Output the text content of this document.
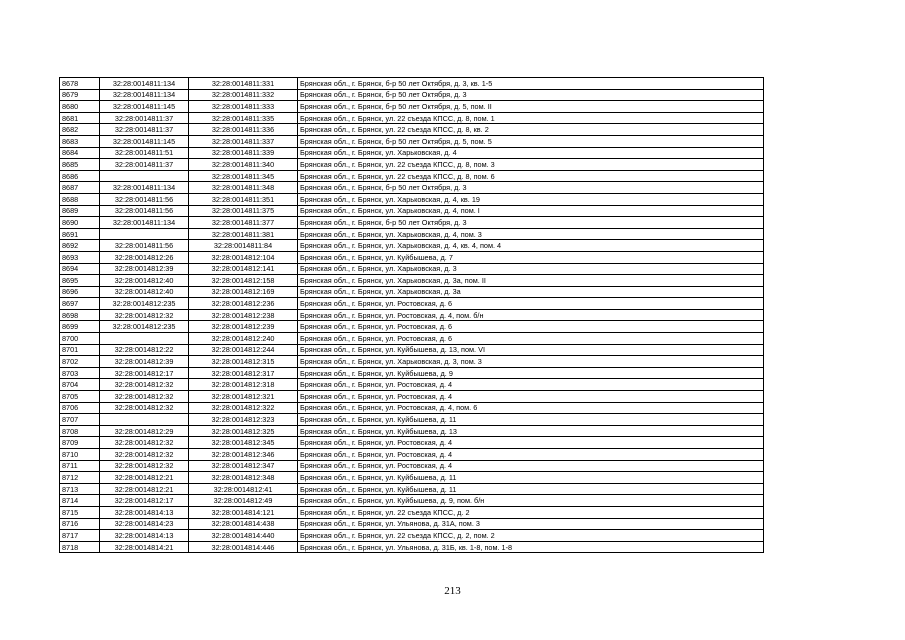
8678	32:28:0014811:134	32:28:0014811:331	Брянская обл., г. Брянск, б-р 50 лет Октября, д. 3, кв. 1-5
8679	32:28:0014811:134	32:28:0014811:332	Брянская обл., г. Брянск, б-р 50 лет Октября, д. 3
8680	32:28:0014811:145	32:28:0014811:333	Брянская обл., г. Брянск, б-р 50 лет Октября, д. 5, пом. II
8681	32:28:0014811:37	32:28:0014811:335	Брянская обл., г. Брянск, ул. 22 съезда КПСС, д. 8, пом. 1
8682	32:28:0014811:37	32:28:0014811:336	Брянская обл., г. Брянск, ул. 22 съезда КПСС, д. 8, кв. 2
8683	32:28:0014811:145	32:28:0014811:337	Брянская обл., г. Брянск, б-р 50 лет Октября, д. 5, пом. 5
8684	32:28:0014811:51	32:28:0014811:339	Брянская обл., г. Брянск, ул. Харьковская, д. 4
8685	32:28:0014811:37	32:28:0014811:340	Брянская обл., г. Брянск, ул. 22 съезда КПСС, д. 8, пом. 3
8686		32:28:0014811:345	Брянская обл., г. Брянск, ул. 22 съезда КПСС, д. 8, пом. 6
8687	32:28:0014811:134	32:28:0014811:348	Брянская обл., г. Брянск, б-р 50 лет Октября, д. 3
8688	32:28:0014811:56	32:28:0014811:351	Брянская обл., г. Брянск, ул. Харьковская, д. 4, кв. 19
8689	32:28:0014811:56	32:28:0014811:375	Брянская обл., г. Брянск, ул. Харьковская, д. 4, пом. I
8690	32:28:0014811:134	32:28:0014811:377	Брянская обл., г. Брянск, б-р 50 лет Октября, д. 3
8691		32:28:0014811:381	Брянская обл., г. Брянск, ул. Харьковская, д. 4, пом. 3
8692	32:28:0014811:56	32:28:0014811:84	Брянская обл., г. Брянск, ул. Харьковская, д. 4, кв. 4, пом. 4
8693	32:28:0014812:26	32:28:0014812:104	Брянская обл., г. Брянск, ул. Куйбышева, д. 7
8694	32:28:0014812:39	32:28:0014812:141	Брянская обл., г. Брянск, ул. Харьковская, д. 3
8695	32:28:0014812:40	32:28:0014812:158	Брянская обл., г. Брянск, ул. Харьковская, д. 3а, пом. II
8696	32:28:0014812:40	32:28:0014812:169	Брянская обл., г. Брянск, ул. Харьковская, д. 3а
8697	32:28:0014812:235	32:28:0014812:236	Брянская обл., г. Брянск, ул. Ростовская, д. 6
8698	32:28:0014812:32	32:28:0014812:238	Брянская обл., г. Брянск, ул. Ростовская, д. 4, пом. б/н
8699	32:28:0014812:235	32:28:0014812:239	Брянская обл., г. Брянск, ул. Ростовская, д. 6
8700		32:28:0014812:240	Брянская обл., г. Брянск, ул. Ростовская, д. 6
8701	32:28:0014812:22	32:28:0014812:244	Брянская обл., г. Брянск, ул. Куйбышева, д. 13, пом. VI
8702	32:28:0014812:39	32:28:0014812:315	Брянская обл., г. Брянск, ул. Харьковская, д. 3, пом. 3
8703	32:28:0014812:17	32:28:0014812:317	Брянская обл., г. Брянск, ул. Куйбышева, д. 9
8704	32:28:0014812:32	32:28:0014812:318	Брянская обл., г. Брянск, ул. Ростовская, д. 4
8705	32:28:0014812:32	32:28:0014812:321	Брянская обл., г. Брянск, ул. Ростовская, д. 4
8706	32:28:0014812:32	32:28:0014812:322	Брянская обл., г. Брянск, ул. Ростовская, д. 4, пом. 6
8707		32:28:0014812:323	Брянская обл., г. Брянск, ул. Куйбышева, д. 11
8708	32:28:0014812:29	32:28:0014812:325	Брянская обл., г. Брянск, ул. Куйбышева, д. 13
8709	32:28:0014812:32	32:28:0014812:345	Брянская обл., г. Брянск, ул. Ростовская, д. 4
8710	32:28:0014812:32	32:28:0014812:346	Брянская обл., г. Брянск, ул. Ростовская, д. 4
8711	32:28:0014812:32	32:28:0014812:347	Брянская обл., г. Брянск, ул. Ростовская, д. 4
8712	32:28:0014812:21	32:28:0014812:348	Брянская обл., г. Брянск, ул. Куйбышева, д. 11
8713	32:28:0014812:21	32:28:0014812:41	Брянская обл., г. Брянск, ул. Куйбышева, д. 11
8714	32:28:0014812:17	32:28:0014812:49	Брянская обл., г. Брянск, ул. Куйбышева, д. 9, пом. б/н
8715	32:28:0014814:13	32:28:0014814:121	Брянская обл., г. Брянск, ул. 22 съезда КПСС, д. 2
8716	32:28:0014814:23	32:28:0014814:438	Брянская обл., г. Брянск, ул. Ульянова, д. 31А, пом. 3
8717	32:28:0014814:13	32:28:0014814:440	Брянская обл., г. Брянск, ул. 22 съезда КПСС, д. 2, пом. 2
8718	32:28:0014814:21	32:28:0014814:446	Брянская обл., г. Брянск, ул. Ульянова, д. 31Б, кв. 1-8, пом. 1-8
213
